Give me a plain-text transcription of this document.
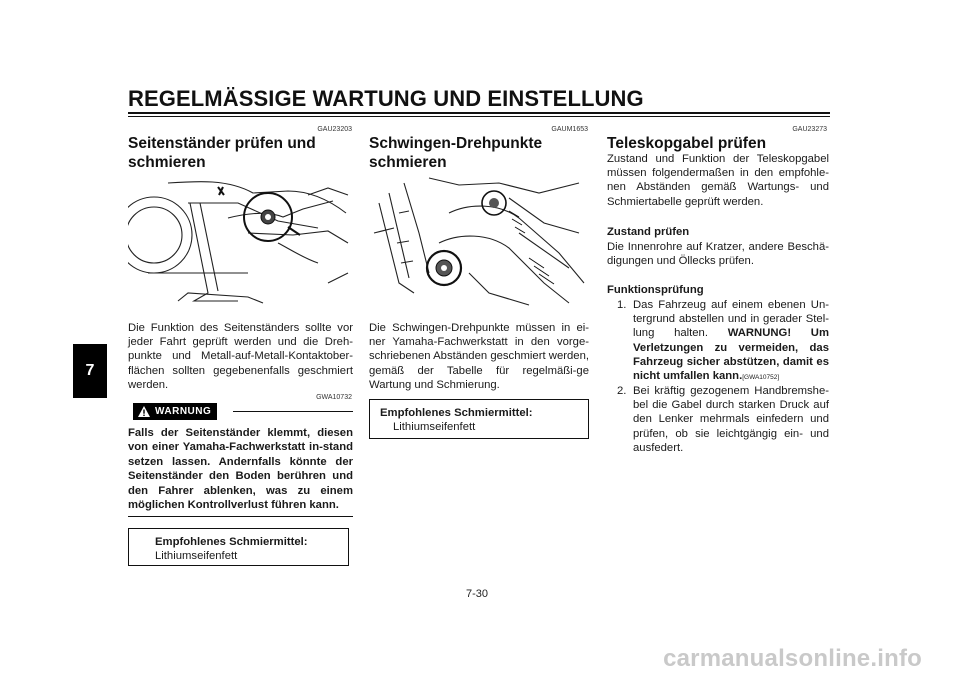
REGELMÄSSIGE WARTUNG UND EINSTELLUNG
7
GAU23203
Seitenständer prüfen und
schmieren
Die Funktion des Seitenständers sollte vor jeder Fahrt geprüft werden und die Dreh-punkte und Metall-auf-Metall-Kontaktober-flächen sollten gegebenenfalls geschmiert werden.
GWA10732
WARNUNG
Falls der Seitenständer klemmt, diesen von einer Yamaha-Fachwerkstatt in-stand setzen lassen. Andernfalls könnte der Seitenständer den Boden berühren und den Fahrer ablenken, was zu einem möglichen Kontrollverlust führen kann.
Empfohlenes Schmiermittel:
Lithiumseifenfett
GAUM1653
Schwingen-Drehpunkte
schmieren
Die Schwingen-Drehpunkte müssen in ei-ner Yamaha-Fachwerkstatt in den vorge-schriebenen Abständen geschmiert werden, gemäß der Tabelle für regelmäßi-ge Wartung und Schmierung.
Empfohlenes Schmiermittel:
Lithiumseifenfett
GAU23273
Teleskopgabel prüfen
Zustand und Funktion der Teleskopgabel müssen folgendermaßen in den empfohle-nen Abständen gemäß Wartungs- und Schmiertabelle geprüft werden.
Zustand prüfen
Die Innenrohre auf Kratzer, andere Beschä-digungen und Öllecks prüfen.
Funktionsprüfung
1. Das Fahrzeug auf einem ebenen Un-tergrund abstellen und in gerader Stel-lung halten. WARNUNG! Um Verletzungen zu vermeiden, das Fahrzeug sicher abstützen, damit es nicht umfallen kann.[GWA10752]
2. Bei kräftig gezogenem Handbremshe-bel die Gabel durch starken Druck auf den Lenker mehrmals einfedern und prüfen, ob sie leichtgängig ein- und ausfedert.
7-30
carmanualsonline.info
